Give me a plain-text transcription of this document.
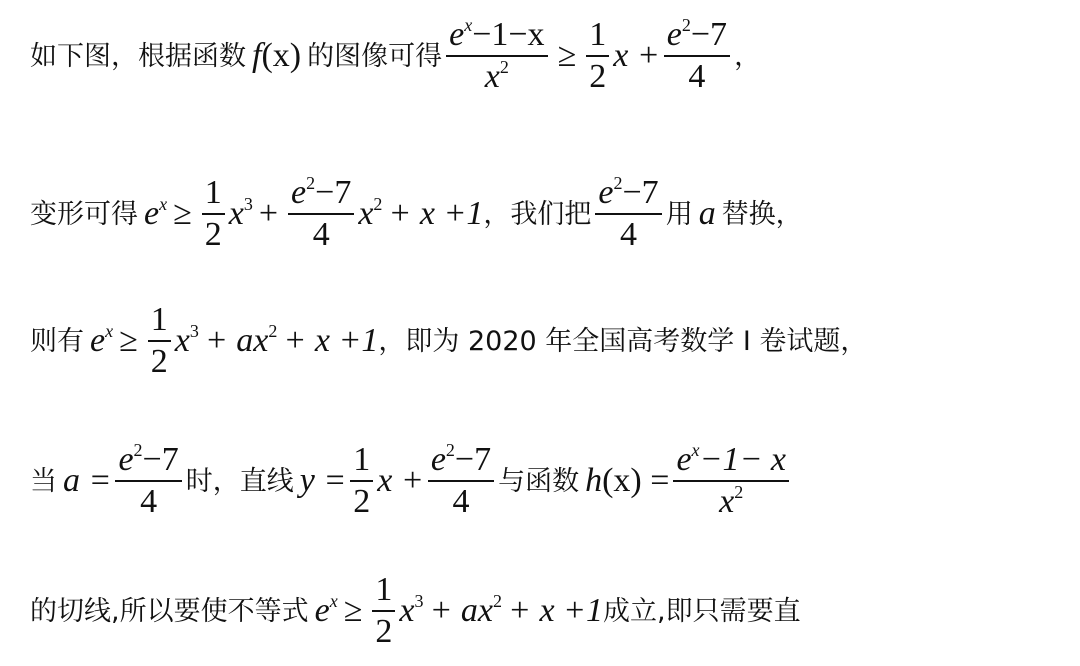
如下图，根据函数 f (x) 的图像可得 $\frac{e^x-1-x}{x^2} \ge \frac{1}{2}$ $x + \frac{e^2-7}{4}$ ，
变形可得 $e^x \ge \frac{1}{2} x^3 + \frac{e^2-7}{4} x^2 + x +1$ ，我们把 $\frac{e^2-7}{4}$ 用 a 替换，
则有 $e^x \ge \frac{1}{2} x^3 + ax^2 + x +1$ ，即为 2020 年全国高考数学 I 卷试题，
当 $a = \frac{e^2-7}{4}$ 时，直线 $y = \frac{1}{2}$ $x + \frac{e^2-7}{4}$ 与函数 h $(x) = \frac{e^x-1- x}{x^2}$
的切线,所以要使不等式 $e^x \ge \frac{1}{2} x^3 + ax^2 + x +1$ 成立,即只需要直
